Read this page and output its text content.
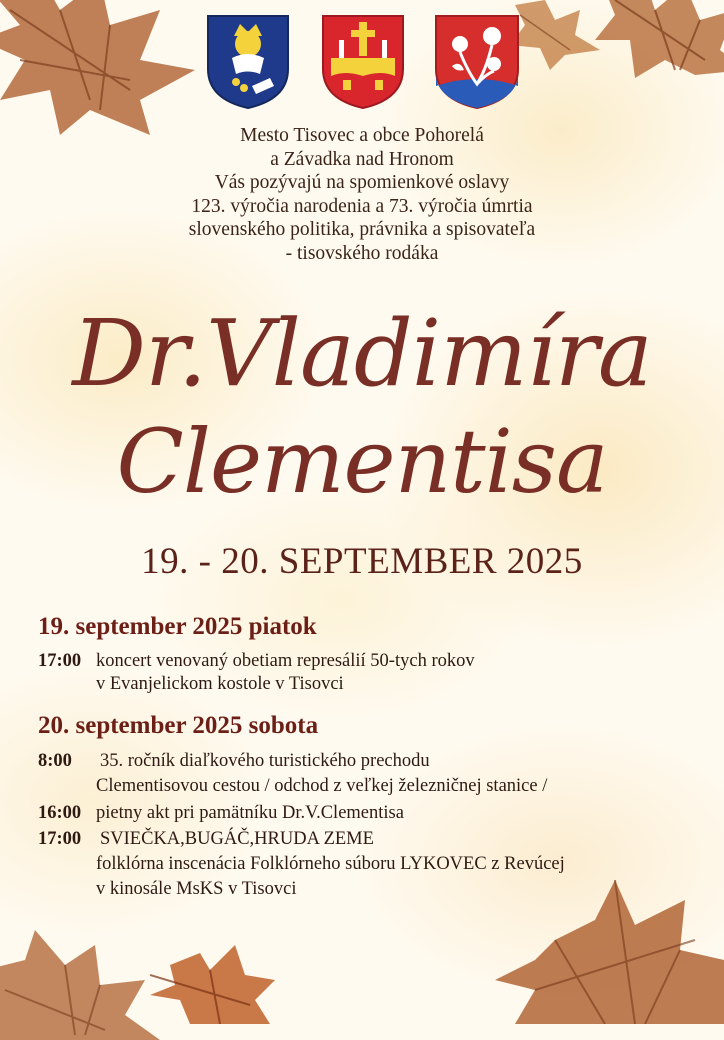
Mesto Tisovec a obce Pohorelá
a Závadka nad Hronom
Vás pozývajú na spomienkové oslavy
123. výročia narodenia a 73. výročia úmrtia
slovenského politika, právnika a spisovateľa
- tisovského rodáka
Dr.Vladimíra
Clementisa
19. - 20. SEPTEMBER 2025
19. september 2025 piatok
17:00 koncert venovaný obetiam represálií 50-tych rokov
v Evanjelickom kostole v Tisovci
20. september 2025 sobota
8:00 35. ročník diaľkového turistického prechodu
Clementisovou cestou / odchod z veľkej železničnej stanice /
16:00 pietny akt pri pamätníku Dr.V.Clementisa
17:00 SVIEČKA,BUGÁČ,HRUDA ZEME
folklórna inscenácia Folklórneho súboru LYKOVEC z Revúcej
v kinosále MsKS v Tisovci
